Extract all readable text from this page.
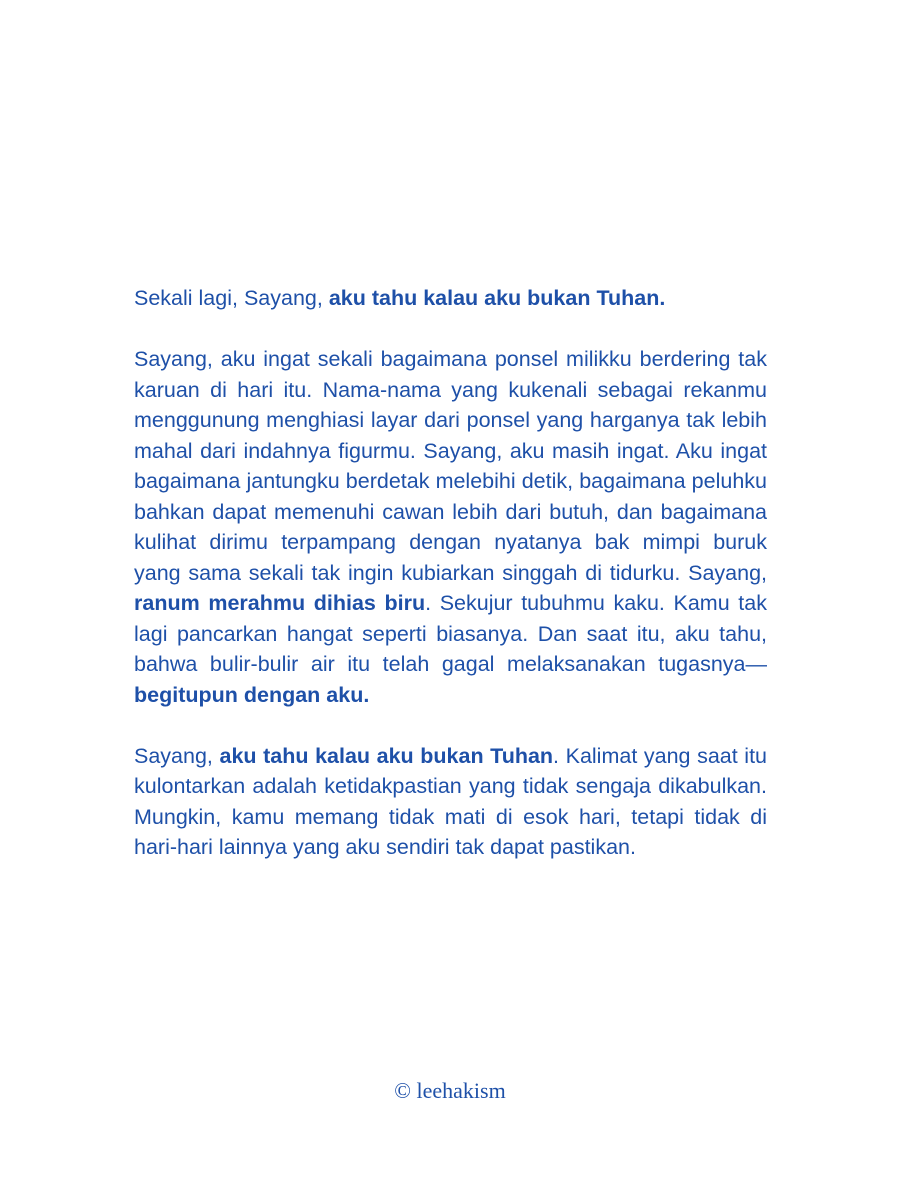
Sekali lagi, Sayang, aku tahu kalau aku bukan Tuhan.

Sayang, aku ingat sekali bagaimana ponsel milikku berdering tak karuan di hari itu. Nama-nama yang kukenali sebagai rekanmu menggunung menghiasi layar dari ponsel yang harganya tak lebih mahal dari indahnya figurmu. Sayang, aku masih ingat. Aku ingat bagaimana jantungku berdetak melebihi detik, bagaimana peluhku bahkan dapat memenuhi cawan lebih dari butuh, dan bagaimana kulihat dirimu terpampang dengan nyatanya bak mimpi buruk yang sama sekali tak ingin kubiarkan singgah di tidurku. Sayang, ranum merahmu dihias biru. Sekujur tubuhmu kaku. Kamu tak lagi pancarkan hangat seperti biasanya. Dan saat itu, aku tahu, bahwa bulir-bulir air itu telah gagal melaksanakan tugasnya—begitupun dengan aku.

Sayang, aku tahu kalau aku bukan Tuhan. Kalimat yang saat itu kulontarkan adalah ketidakpastian yang tidak sengaja dikabulkan. Mungkin, kamu memang tidak mati di esok hari, tetapi tidak di hari-hari lainnya yang aku sendiri tak dapat pastikan.

© leehakism
